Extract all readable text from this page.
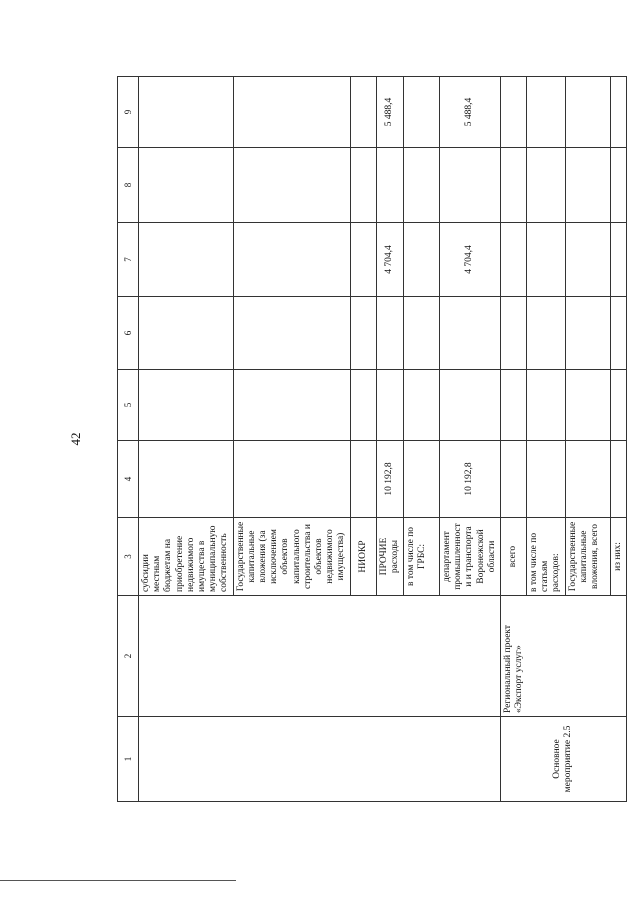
42
1	2	3	4	5	6	7	8	9
		субсидии местным бюджетам на приобретение недвижимого имущества в муниципальную собственность						
		Государственные капитальные вложения (за исключением объектов капитального строительства и объектов недвижимого имущества)						
		НИОКР						
		ПРОЧИЕ расходы	10 192,8			4 704,4		5 488,4
		в том числе по ГРБС:						
		департамент промышленности и транспорта Воронежской области	10 192,8			4 704,4		5 488,4
Основное мероприятие 2.5	Региональный проект «Экспорт услуг»	всего						
		в том числе по статьям расходов:						
		Государственные капитальные вложения, всего						
		из них:						
